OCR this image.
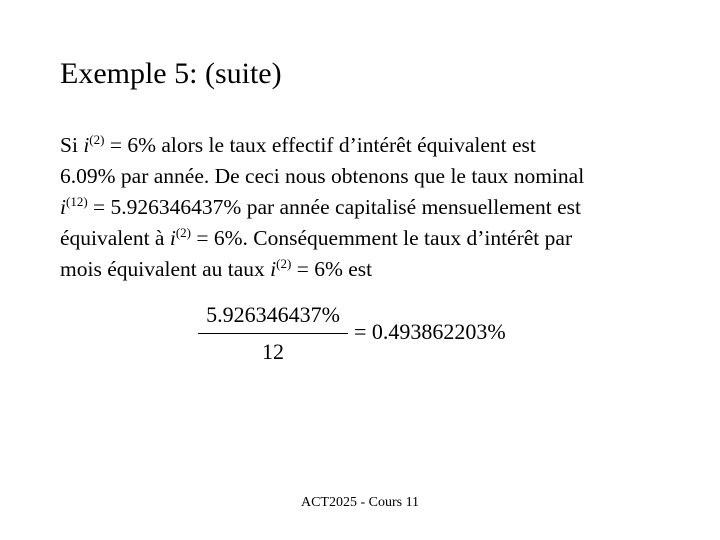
Exemple 5: (suite)
Si $i^{(2)} = 6\%$ alors le taux effectif d’intérêt équivalent est
6.09% par année. De ceci nous obtenons que le taux nominal
$i^{(12)} = 5.926346437\%$ par année capitalisé mensuellement est
équivalent à $i^{(2)} = 6\%$. Conséquemment le taux d’intérêt par
mois équivalent au taux $i^{(2)} = 6\%$ est
5.926346437%
12
= 0.493862203%
ACT2025 - Cours 11
